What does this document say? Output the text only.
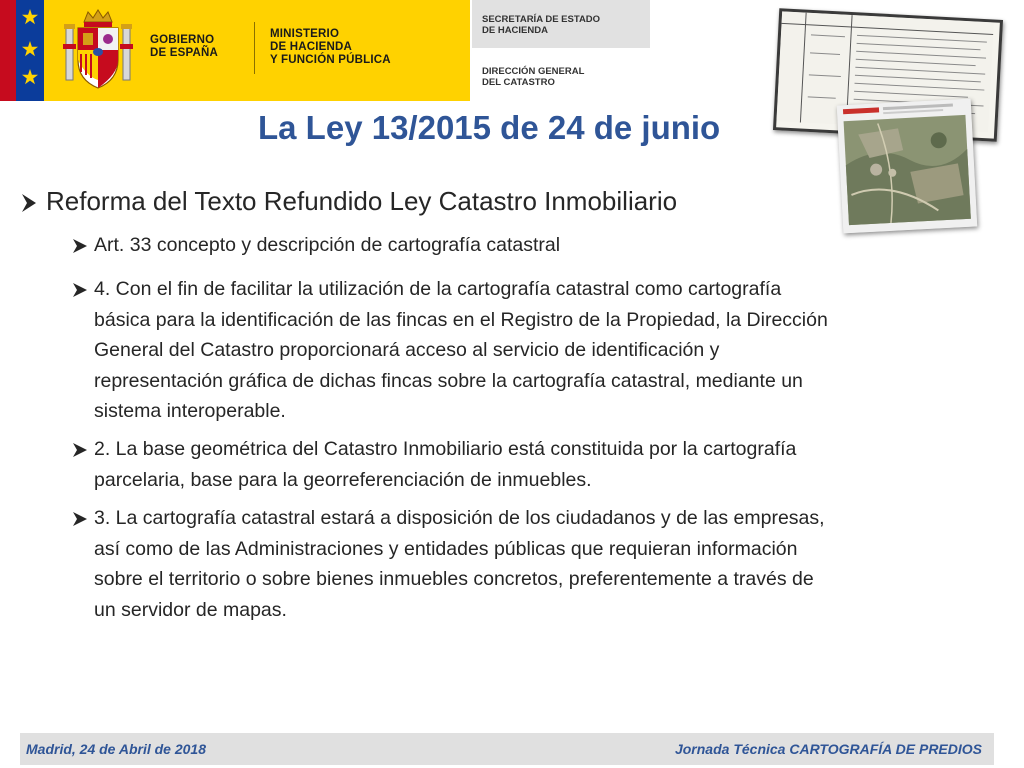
GOBIERNO
DE ESPAÑA
MINISTERIO
DE HACIENDA
Y FUNCIÓN PÚBLICA
SECRETARÍA DE ESTADO
DE HACIENDA
DIRECCIÓN GENERAL
DEL CATASTRO
La Ley 13/2015 de 24 de junio
Reforma del Texto Refundido Ley Catastro Inmobiliario
Art. 33 concepto y descripción de cartografía catastral
4. Con el fin de facilitar la utilización de la cartografía catastral como cartografía básica para la identificación de las fincas en el Registro de la Propiedad, la Dirección General del Catastro proporcionará acceso al servicio de identificación y representación gráfica de dichas fincas sobre la cartografía catastral, mediante un sistema interoperable.
2. La base geométrica del Catastro Inmobiliario está constituida por la cartografía parcelaria, base para la georreferenciación de inmuebles.
3. La cartografía catastral estará a disposición de los ciudadanos y de las empresas, así como de las Administraciones y entidades públicas que requieran información sobre el territorio o sobre bienes inmuebles concretos, preferentemente a través de un servidor de mapas.
Madrid, 24 de Abril de 2018	Jornada Técnica CARTOGRAFÍA DE PREDIOS
